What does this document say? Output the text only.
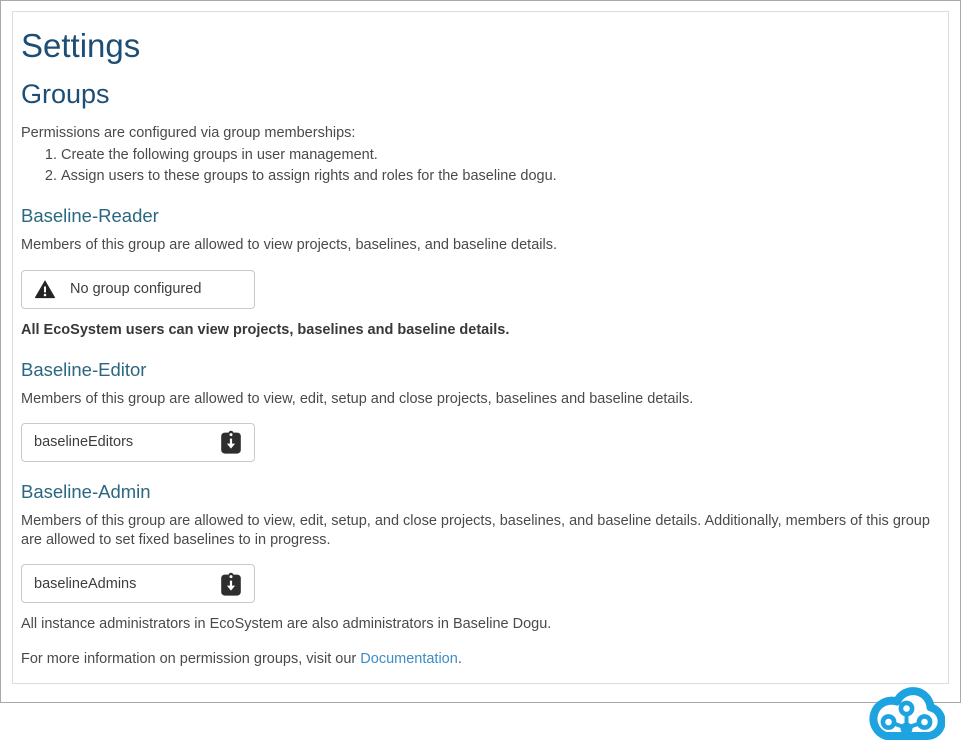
Settings
Groups

Permissions are configured via group memberships:

1. Create the following groups in user management.
2. Assign users to these groups to assign rights and roles for the baseline dogu.
Baseline-Reader

Members of this group are allowed to view projects, baselines, and baseline details.

No group configured

All EcoSystem users can view projects, baselines and baseline details.

Baseline-Editor

Members of this group are allowed to view, edit, setup and close projects, baselines and baseline details.

baselineEditors
Baseline-Admin

Members of this group are allowed to view, edit, setup, and close projects, baselines, and baseline details. Additionally, members of this group are allowed to set fixed baselines to in progress.

baselineAdmins

All instance administrators in EcoSystem are also administrators in Baseline Dogu.

For more information on permission groups, visit our Documentation.
